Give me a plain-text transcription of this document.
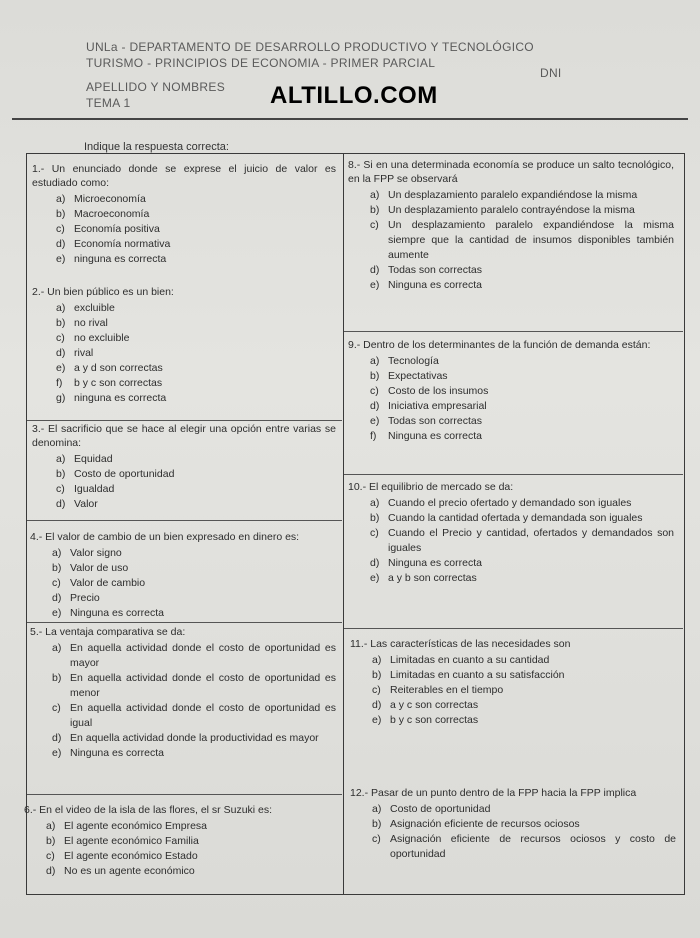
UNLa - DEPARTAMENTO DE DESARROLLO PRODUCTIVO Y TECNOLÓGICO
TURISMO - PRINCIPIOS DE ECONOMIA - PRIMER PARCIAL
APELLIDO Y NOMBRES
TEMA 1
DNI
ALTILLO.COM
Indique la respuesta correcta:

1.- Un enunciado donde se exprese el juicio de valor es estudiado como:

a) Microeconomía
b) Macroeconomía
c) Economía positiva
d) Economía normativa
e) ninguna es correcta

2.- Un bien público es un bien:

a) excluible
b) no rival
c) no excluible
d) rival
e) a y d son correctas
f)	b y c son correctas
g) ninguna es correcta

3.- El sacrificio que se hace al elegir una opción entre varias se denomina:

a) Equidad
b) Costo de oportunidad
c) Igualdad
d) Valor

4.- El valor de cambio de un bien expresado en dinero es:

a) Valor signo
b) Valor de uso
c) Valor de cambio
d) Precio
e) Ninguna es correcta

5.- La ventaja comparativa se da:

a) En aquella actividad donde el costo de oportunidad es mayor
b) En aquella actividad donde el costo de oportunidad es menor
c) En aquella actividad donde el costo de oportunidad es igual
d) En aquella actividad donde la productividad es mayor
e) Ninguna es correcta

6.- En el video de la isla de las flores, el sr Suzuki es:

a) El agente económico Empresa
b) El agente económico Familia
c) El agente económico Estado
d) No es un agente económico

8.- Si en una determinada economía se produce un salto tecnológico, en la FPP se observará

a) Un desplazamiento paralelo expandiéndose la misma
b) Un desplazamiento paralelo contrayéndose la misma
c) Un desplazamiento paralelo expandiéndose la misma siempre que la cantidad de insumos disponibles también aumente
d) Todas son correctas
e) Ninguna es correcta

9.- Dentro de los determinantes de la función de demanda están:

a) Tecnología
b) Expectativas
c) Costo de los insumos
d) Iniciativa empresarial
e) Todas son correctas
f)	Ninguna es correcta

10.- El equilibrio de mercado se da:

a) Cuando el precio ofertado y demandado son iguales
b) Cuando la cantidad ofertada y demandada son iguales
c) Cuando el Precio y cantidad, ofertados y demandados son iguales
d) Ninguna es correcta
e) a y b son correctas

11.- Las características de las necesidades son

a) Limitadas en cuanto a su cantidad
b) Limitadas en cuanto a su satisfacción
c) Reiterables en el tiempo
d) a y c son correctas
e) b y c son correctas

12.- Pasar de un punto dentro de la FPP hacia la FPP implica

a) Costo de oportunidad
b) Asignación eficiente de recursos ociosos
c) Asignación eficiente de recursos ociosos y costo de oportunidad
